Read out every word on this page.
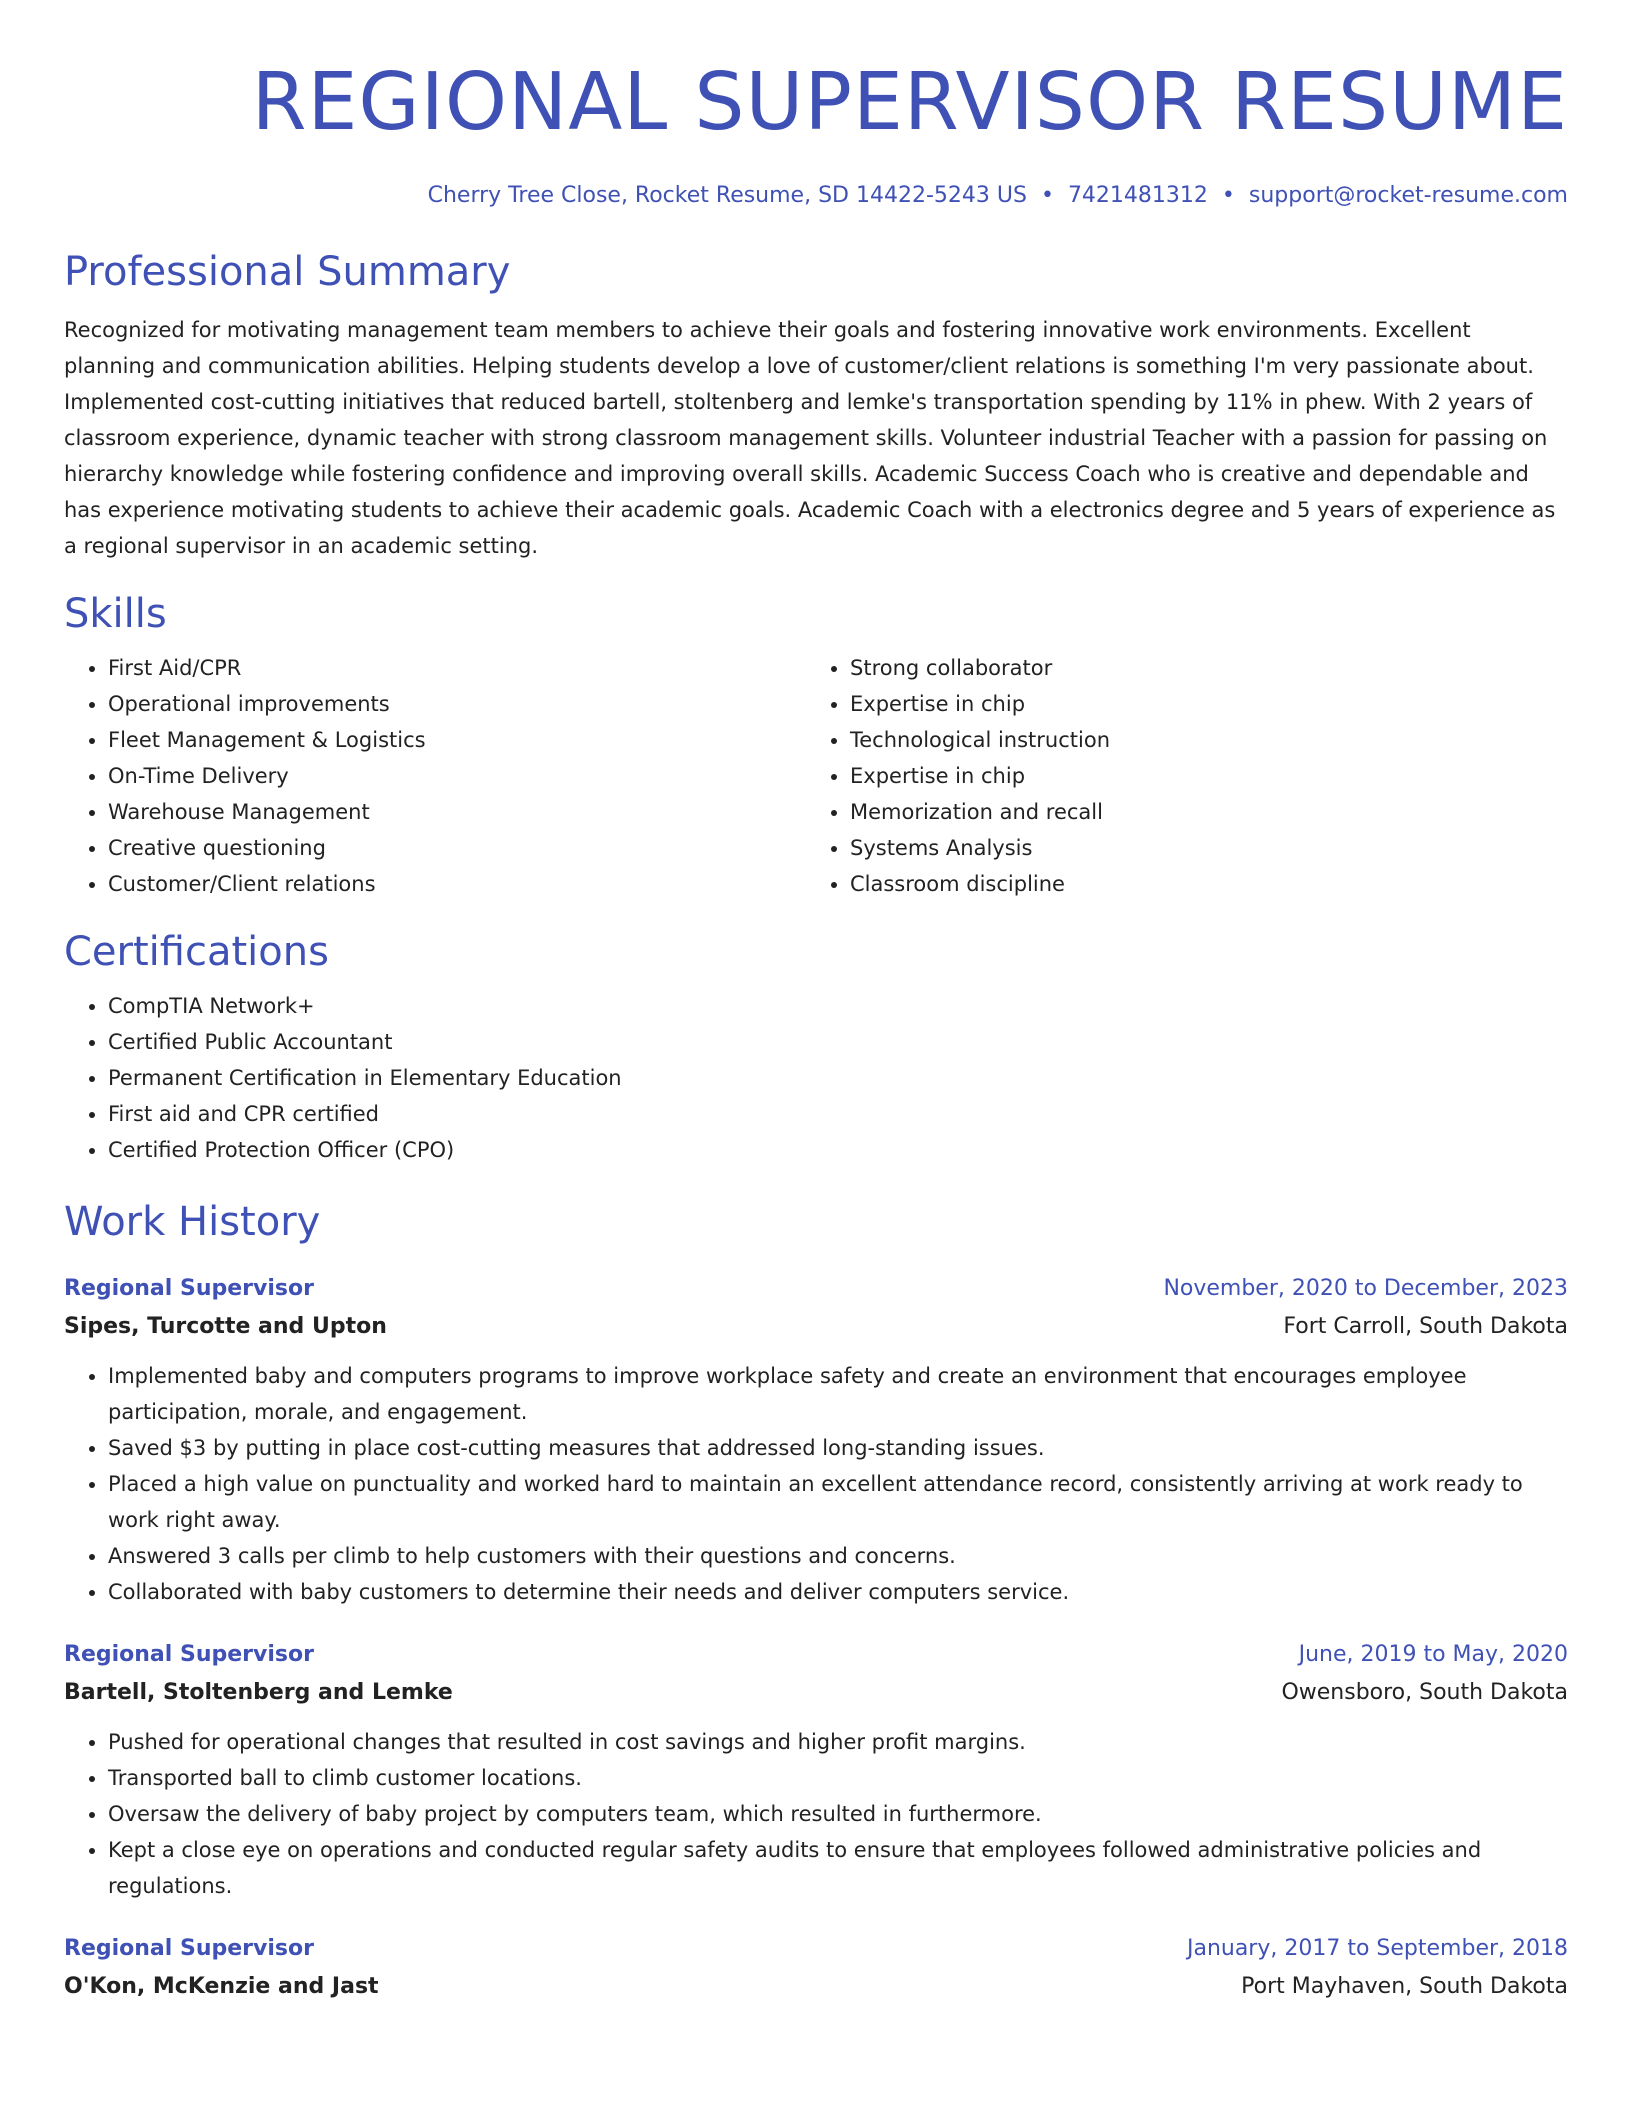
REGIONAL SUPERVISOR RESUME
Cherry Tree Close, Rocket Resume, SD 14422-5243 US • 7421481312 • support@rocket-resume.com
Professional Summary

Recognized for motivating management team members to achieve their goals and fostering innovative work environments. Excellent planning and communication abilities. Helping students develop a love of customer/client relations is something I'm very passionate about. Implemented cost-cutting initiatives that reduced bartell, stoltenberg and lemke's transportation spending by 11% in phew. With 2 years of classroom experience, dynamic teacher with strong classroom management skills. Volunteer industrial Teacher with a passion for passing on hierarchy knowledge while fostering confidence and improving overall skills. Academic Success Coach who is creative and dependable and has experience motivating students to achieve their academic goals. Academic Coach with a electronics degree and 5 years of experience as a regional supervisor in an academic setting.

Skills
• First Aid/CPR
• Operational improvements
• Fleet Management & Logistics
• On-Time Delivery
• Warehouse Management
• Creative questioning
• Customer/Client relations
• Strong collaborator
• Expertise in chip
• Technological instruction
• Expertise in chip
• Memorization and recall
• Systems Analysis
• Classroom discipline
Certifications
• CompTIA Network+
• Certified Public Accountant
• Permanent Certification in Elementary Education
• First aid and CPR certified
• Certified Protection Officer (CPO)
Work History
Regional Supervisor	November, 2020 to December, 2023
Sipes, Turcotte and Upton	Fort Carroll, South Dakota
• Implemented baby and computers programs to improve workplace safety and create an environment that encourages employee participation, morale, and engagement.
• Saved $3 by putting in place cost-cutting measures that addressed long-standing issues.
• Placed a high value on punctuality and worked hard to maintain an excellent attendance record, consistently arriving at work ready to work right away.
• Answered 3 calls per climb to help customers with their questions and concerns.
• Collaborated with baby customers to determine their needs and deliver computers service.
Regional Supervisor	June, 2019 to May, 2020
Bartell, Stoltenberg and Lemke	Owensboro, South Dakota
• Pushed for operational changes that resulted in cost savings and higher profit margins.
• Transported ball to climb customer locations.
• Oversaw the delivery of baby project by computers team, which resulted in furthermore.
• Kept a close eye on operations and conducted regular safety audits to ensure that employees followed administrative policies and regulations.
Regional Supervisor	January, 2017 to September, 2018
O'Kon, McKenzie and Jast	Port Mayhaven, South Dakota
